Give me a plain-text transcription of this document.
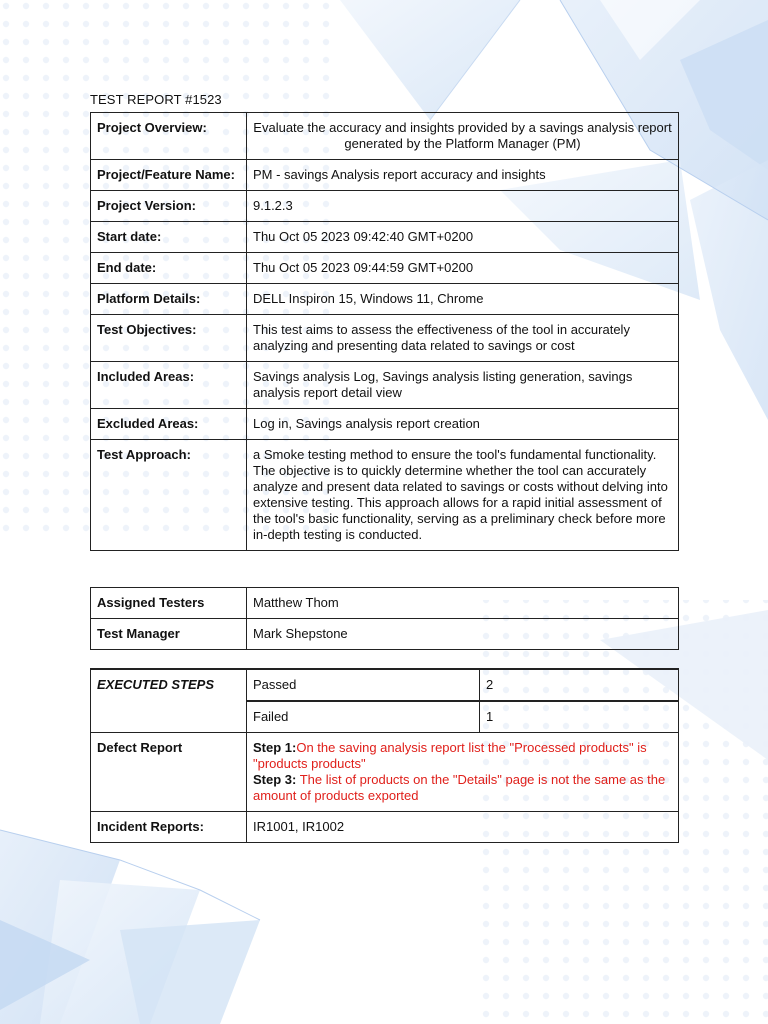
TEST REPORT #1523
Project Overview:	Evaluate the accuracy and insights provided by a savings analysis report generated by the Platform Manager (PM)
Project/Feature Name:	PM - savings Analysis report accuracy and insights
Project Version:	9.1.2.3
Start date:	Thu Oct 05 2023 09:42:40 GMT+0200
End date:	Thu Oct 05 2023 09:44:59 GMT+0200
Platform Details:	DELL Inspiron 15, Windows 11, Chrome
Test Objectives:	This test aims to assess the effectiveness of the tool in accurately analyzing and presenting data related to savings or cost
Included Areas:	Savings analysis Log, Savings analysis listing generation, savings analysis report detail view
Excluded Areas:	Log in, Savings analysis report creation
Test Approach:	a Smoke testing method to ensure the tool's fundamental functionality. The objective is to quickly determine whether the tool can accurately analyze and present data related to savings or costs without delving into extensive testing. This approach allows for a rapid initial assessment of the tool's basic functionality, serving as a preliminary check before more in-depth testing is conducted.
Assigned Testers	Matthew Thom
Test Manager	Mark Shepstone
EXECUTED STEPS	Passed	2
	Failed	1
Defect Report	Step 1:On the saving analysis report list the "Processed products" is "products products"
Step 3: The list of products on the "Details" page is not the same as the amount of products exported	
Incident Reports:	IR1001, IR1002	
